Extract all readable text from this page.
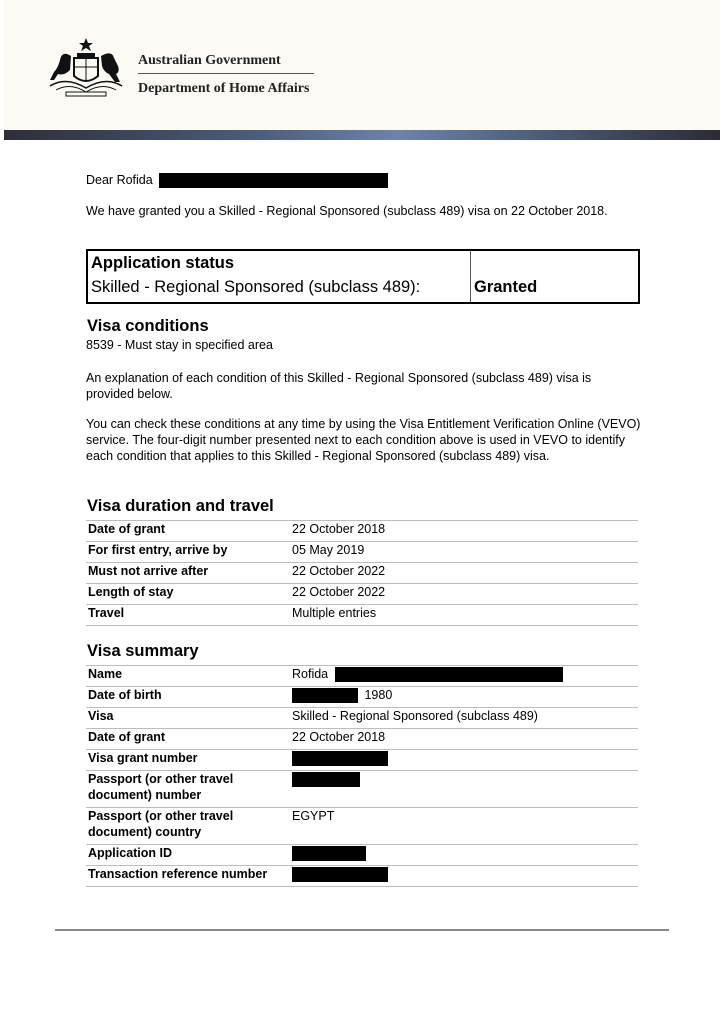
Australian Government
Department of Home Affairs
Dear Rofida
We have granted you a Skilled - Regional Sponsored (subclass 489) visa on 22 October 2018.
Application status
Skilled - Regional Sponsored (subclass 489):	Granted
Visa conditions
8539 - Must stay in specified area
An explanation of each condition of this Skilled - Regional Sponsored (subclass 489) visa is provided below.
You can check these conditions at any time by using the Visa Entitlement Verification Online (VEVO) service. The four-digit number presented next to each condition above is used in VEVO to identify each condition that applies to this Skilled - Regional Sponsored (subclass 489) visa.
Visa duration and travel
Date of grant	22 October 2018
For first entry, arrive by	05 May 2019
Must not arrive after	22 October 2022
Length of stay	22 October 2022
Travel	Multiple entries
Visa summary
Name	Rofida
Date of birth	1980
Visa	Skilled - Regional Sponsored (subclass 489)
Date of grant	22 October 2018
Visa grant number	
Passport (or other travel document) number	
Passport (or other travel document) country	EGYPT
Application ID	
Transaction reference number	
